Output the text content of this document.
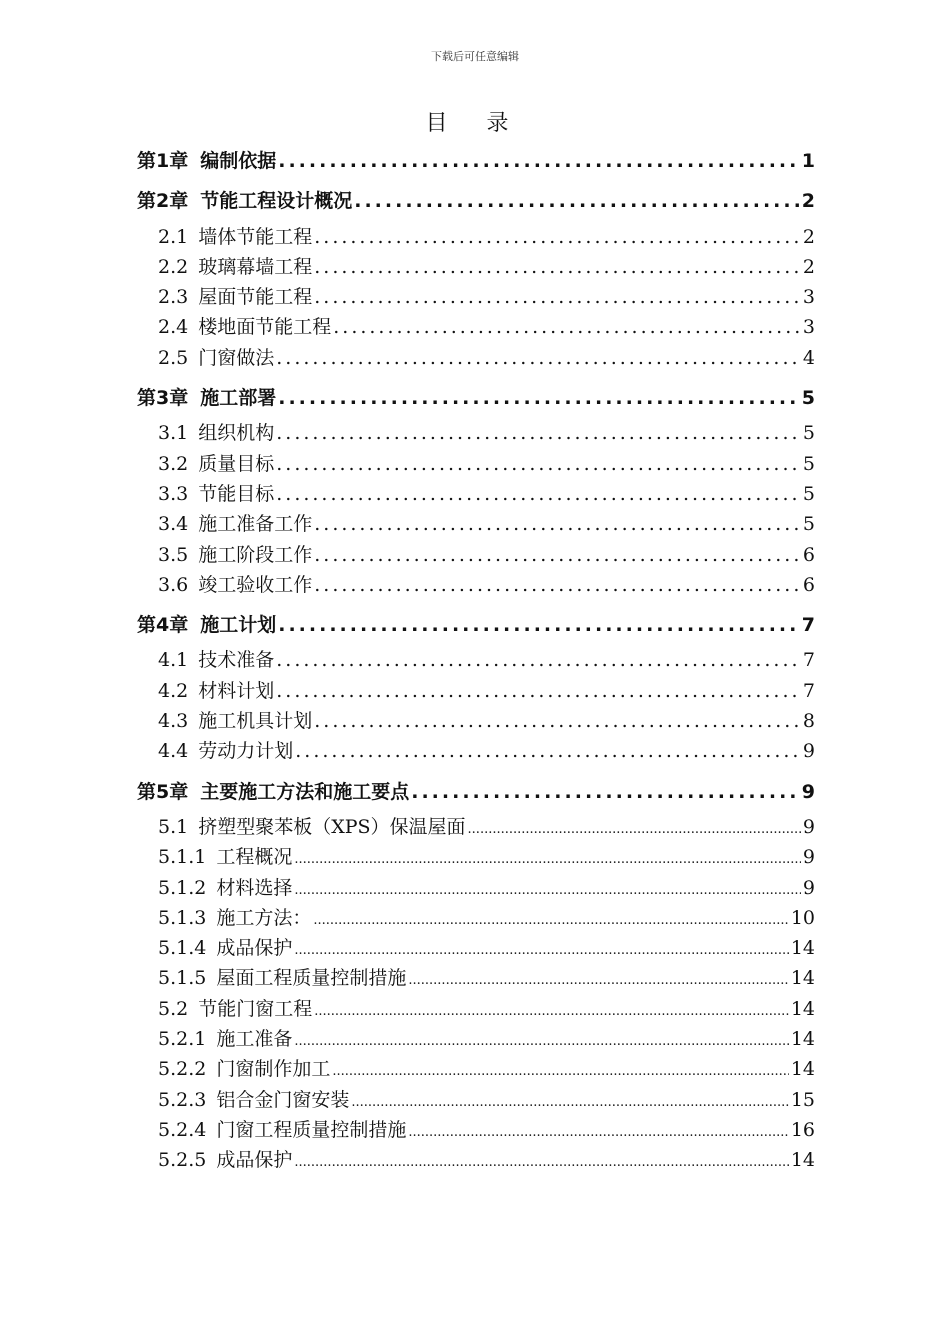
下载后可任意编辑
目 录
第1章 编制依据 .....	1
第2章 节能工程设计概况 .....	2
2.1 墙体节能工程 .....	2
2.2 玻璃幕墙工程 .....	2
2.3 屋面节能工程 .....	3
2.4 楼地面节能工程 .....	3
2.5 门窗做法 .....	4
第3章 施工部署 .....	5
3.1 组织机构 .....	5
3.2 质量目标 .....	5
3.3 节能目标 .....	5
3.4 施工准备工作 .....	5
3.5 施工阶段工作 .....	6
3.6 竣工验收工作 .....	6
第4章 施工计划 .....	7
4.1 技术准备 .....	7
4.2 材料计划 .....	7
4.3 施工机具计划 .....	8
4.4 劳动力计划 .....	9
第5章 主要施工方法和施工要点 .....	9
5.1 挤塑型聚苯板（XPS）保温屋面 .....	9
5.1.1 工程概况 .....	9
5.1.2 材料选择 .....	9
5.1.3 施工方法： .....	10
5.1.4 成品保护 .....	14
5.1.5 屋面工程质量控制措施 .....	14
5.2 节能门窗工程 .....	14
5.2.1 施工准备 .....	14
5.2.2 门窗制作加工 .....	14
5.2.3 铝合金门窗安装 .....	15
5.2.4 门窗工程质量控制措施 .....	16
5.2.5 成品保护 .....	14
